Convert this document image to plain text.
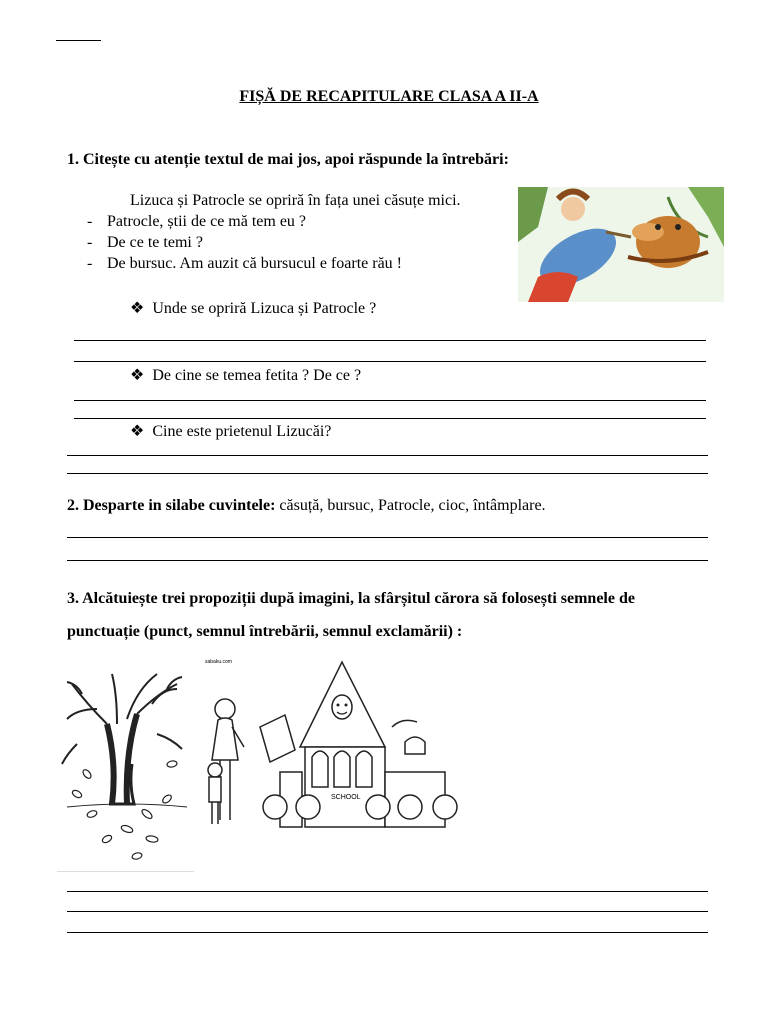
FIȘĂ DE RECAPITULARE CLASA A II-A
1. Citește cu atenție textul de mai jos, apoi răspunde la întrebări:
Lizuca și Patrocle se opriră în fața unei căsuțe mici.
- Patrocle, știi de ce mă tem eu ?
- De ce te temi ?
- De bursuc. Am auzit că bursucul e foarte rău !
❖ Unde se opriră Lizuca și Patrocle ?
❖ De cine se temea fetita ? De ce ?
❖ Cine este prietenul Lizucăi?
2. Desparte in silabe cuvintele: căsuță, bursuc, Patrocle, cioc, întâmplare.
3. Alcătuiește trei propoziții după imagini, la sfârșitul cărora să folosești semnele de
punctuație (punct, semnul întrebării, semnul exclamării) :
sabaku.com
SCHOOL
